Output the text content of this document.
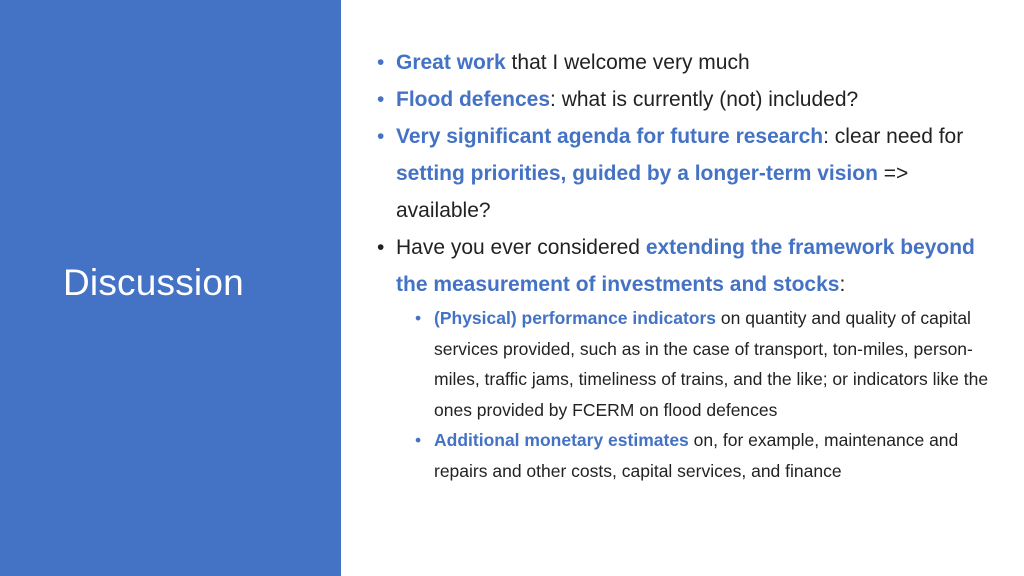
Discussion
• Great work that I welcome very much
• Flood defences: what is currently (not) included?
• Very significant agenda for future research: clear need for setting priorities, guided by a longer-term vision => available?
• Have you ever considered extending the framework beyond the measurement of investments and stocks:
• (Physical) performance indicators on quantity and quality of capital services provided, such as in the case of transport, ton-miles, person-miles, traffic jams, timeliness of trains, and the like; or indicators like the ones provided by FCERM on flood defences
• Additional monetary estimates on, for example, maintenance and repairs and other costs, capital services, and finance
